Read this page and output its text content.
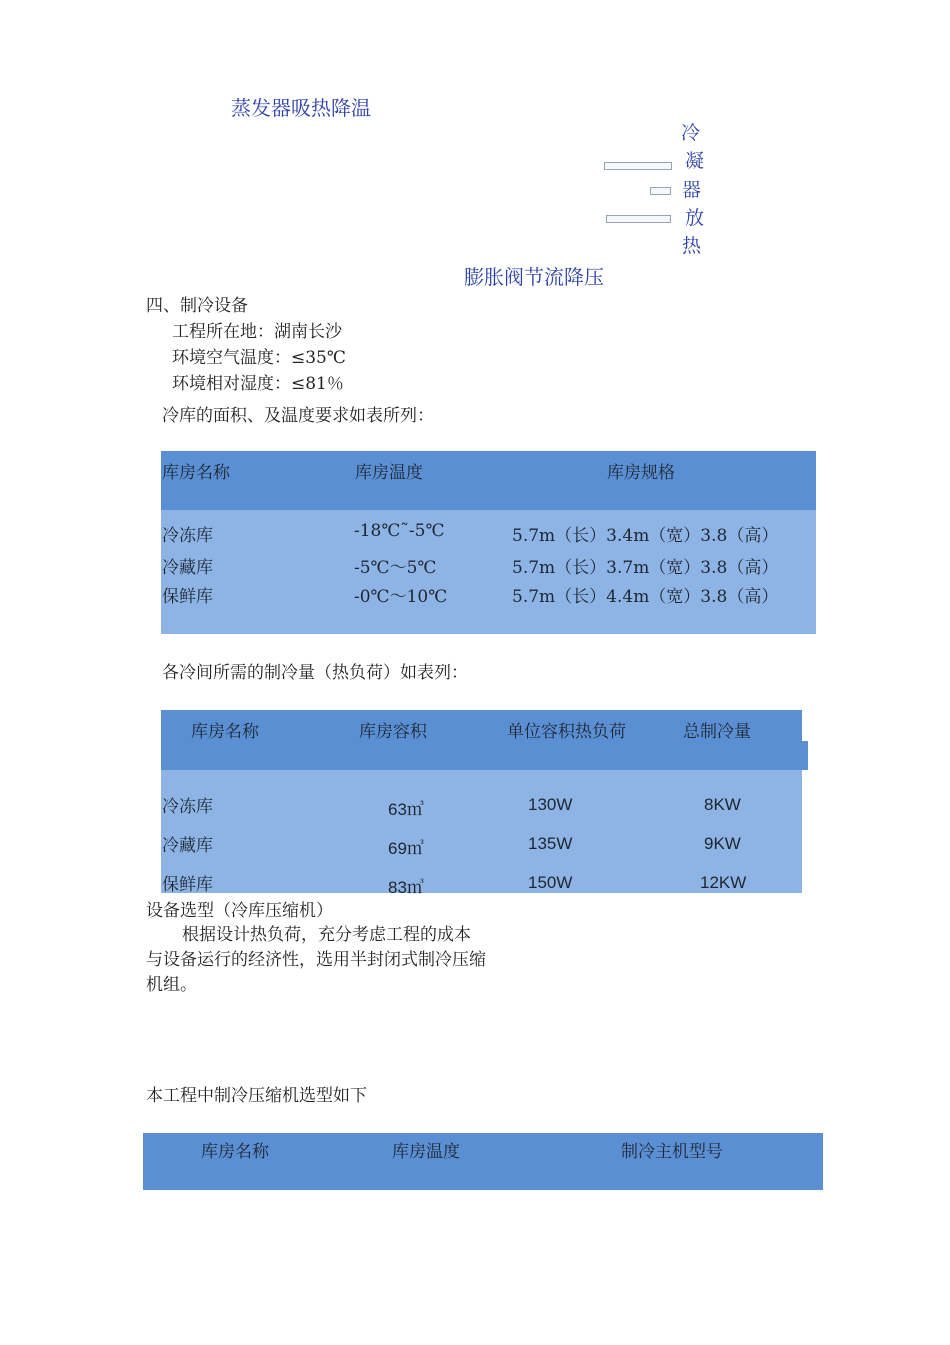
蒸发器吸热降温
冷
凝
器
放
热
膨胀阀节流降压
四、制冷设备
工程所在地：湖南长沙
环境空气温度：≤35℃
环境相对湿度：≤81％
冷库的面积、及温度要求如表所列：
库房名称	库房温度	库房规格
冷冻库	-18℃˜-5℃	5.7m（长）3.4m（宽）3.8（高）
冷藏库	-5℃～5℃	5.7m（长）3.7m（宽）3.8（高）
保鲜库	-0℃～10℃	5.7m（长）4.4m（宽）3.8（高）
各冷间所需的制冷量（热负荷）如表列：
库房名称	库房容积	单位容积热负荷	总制冷量
冷冻库	63㎥	130W	8KW
冷藏库	69㎥	135W	9KW
保鲜库	83㎥	150W	12KW
设备选型（冷库压缩机）
根据设计热负荷，充分考虑工程的成本
与设备运行的经济性，选用半封闭式制冷压缩
机组。
本工程中制冷压缩机选型如下
库房名称	库房温度	制冷主机型号
